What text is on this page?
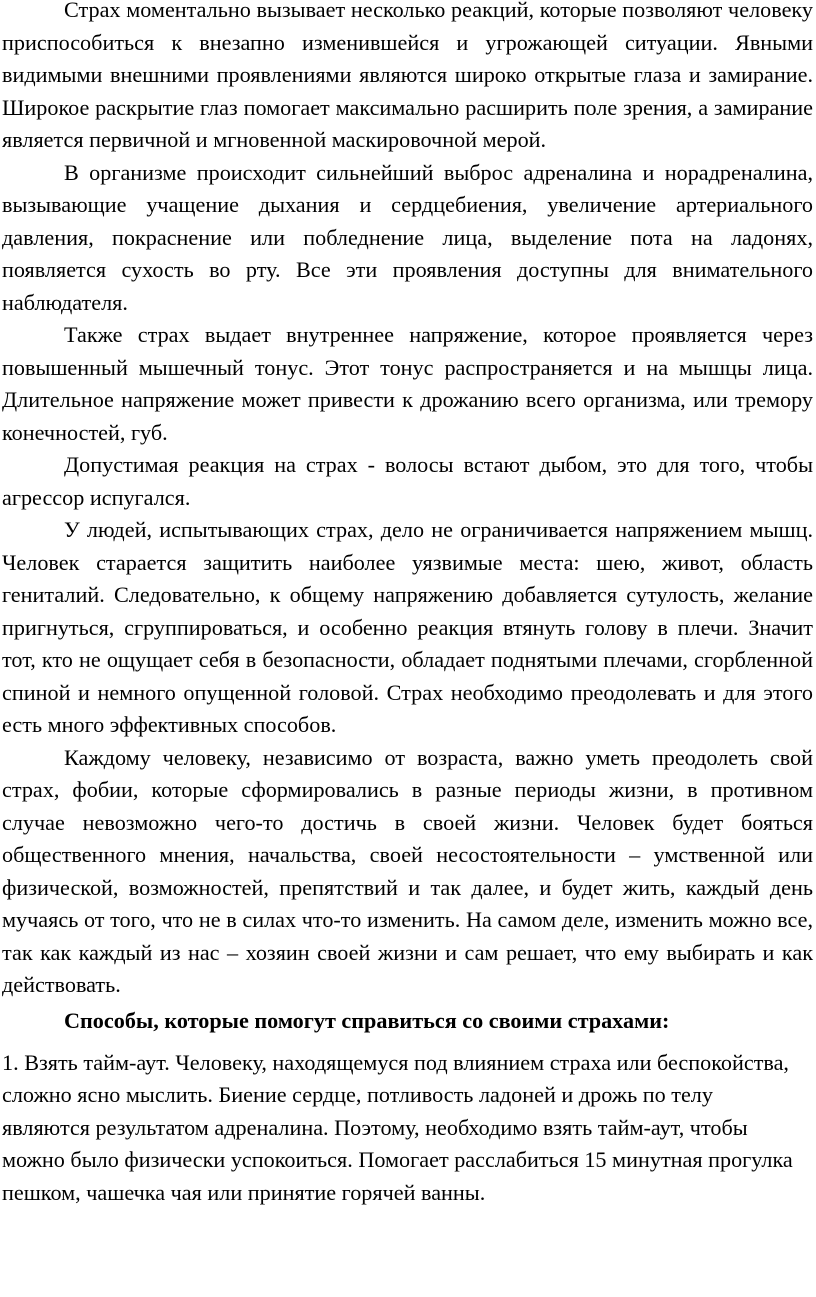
Страх моментально вызывает несколько реакций, которые позволяют человеку приспособиться к внезапно изменившейся и угрожающей ситуации. Явными видимыми внешними проявлениями являются широко открытые глаза и замирание. Широкое раскрытие глаз помогает максимально расширить поле зрения, а замирание является первичной и мгновенной маскировочной мерой.

В организме происходит сильнейший выброс адреналина и норадреналина, вызывающие учащение дыхания и сердцебиения, увеличение артериального давления, покраснение или побледнение лица, выделение пота на ладонях, появляется сухость во рту. Все эти проявления доступны для внимательного наблюдателя.

Также страх выдает внутреннее напряжение, которое проявляется через повышенный мышечный тонус. Этот тонус распространяется и на мышцы лица. Длительное напряжение может привести к дрожанию всего организма, или тремору конечностей, губ.

Допустимая реакция на страх - волосы встают дыбом, это для того, чтобы агрессор испугался.

У людей, испытывающих страх, дело не ограничивается напряжением мышц. Человек старается защитить наиболее уязвимые места: шею, живот, область гениталий. Следовательно, к общему напряжению добавляется сутулость, желание пригнуться, сгруппироваться, и особенно реакция втянуть голову в плечи. Значит тот, кто не ощущает себя в безопасности, обладает поднятыми плечами, сгорбленной спиной и немного опущенной головой. Страх необходимо преодолевать и для этого есть много эффективных способов.

Каждому человеку, независимо от возраста, важно уметь преодолеть свой страх, фобии, которые сформировались в разные периоды жизни, в противном случае невозможно чего-то достичь в своей жизни. Человек будет бояться общественного мнения, начальства, своей несостоятельности – умственной или физической, возможностей, препятствий и так далее, и будет жить, каждый день мучаясь от того, что не в силах что-то изменить. На самом деле, изменить можно все, так как каждый из нас – хозяин своей жизни и сам решает, что ему выбирать и как действовать.

Способы, которые помогут справиться со своими страхами:

1. Взять тайм-аут. Человеку, находящемуся под влиянием страха или беспокойства, сложно ясно мыслить. Биение сердце, потливость ладоней и дрожь по телу являются результатом адреналина. Поэтому, необходимо взять тайм-аут, чтобы можно было физически успокоиться. Помогает расслабиться 15 минутная прогулка пешком, чашечка чая или принятие горячей ванны.
